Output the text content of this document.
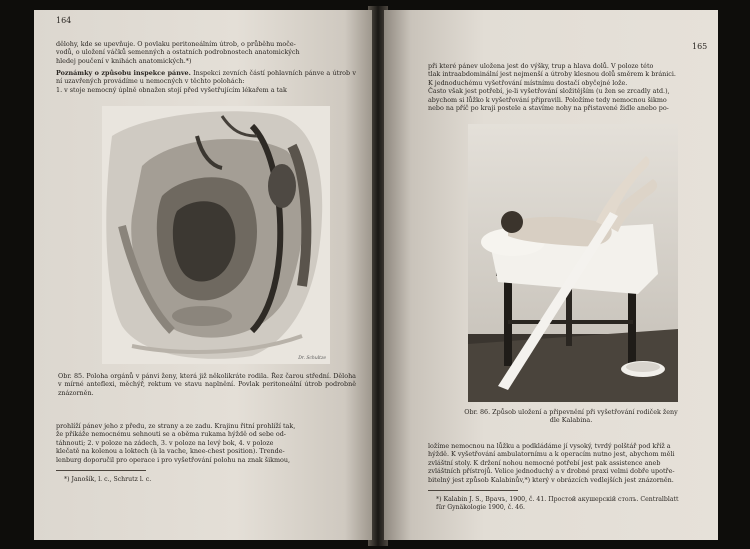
164

dělohy, kde se upevňuje. O povlaku peritoneálním útrob, o průběhu moče-

vodů, o uložení váčků semenných a ostatních podrobnostech anatomických

hledej poučení v knihách anatomických.*)

Poznámky o způsobu inspekce pánve. Inspekci zevních částí pohlavních pánve a útrob v ní uzavřených provádíme u nemocných v těchto polohách:

1. v stoje nemocný úplně obnažen stojí před vyšetřujícím lékařem a tak

Dr. Schultze
Obr. 85. Poloha orgánů v pánvi ženy, která již několikráte rodila. Řez čarou střední. Děloha v mírné anteflexi, měchýř, rektum ve stavu naplnění. Povlak peritoneální útrob podrobně znázorněn.

prohlíží pánev jeho z předu, ze strany a ze zadu. Krajinu řitní prohlíží tak,

že přikáže nemocnému sehnouti se a oběma rukama hýždě od sebe od-

táhnouti; 2. v poloze na zádech, 3. v poloze na levý bok, 4. v poloze

klečatě na kolenou a loktech (à la vache, knee-chest position). Trende-

lenburg doporučil pro operace i pro vyšetřování polohu na znak šikmou,

*) Janošík, l. c., Schrutz l. c.
165

při které pánev uložena jest do výšky, trup a hlava dolů. V poloze této

tlak intraabdominální jest nejmenší a útroby klesnou dolů směrem k bránici.

K jednoduchému vyšetřování místnímu dostačí obyčejné lože.

Často však jest potřebí, je-li vyšetřování složitějším (u žen se zrcadly atd.),

abychom si lůžko k vyšetřování připravili. Položíme tedy nemocnou šikmo

nebo na příč po kraji postele a stavíme nohy na přistavené židle anebo po-

Obr. 86. Způsob uložení a připevnění při vyšetřování rodiček ženy
dle Kalabina.

ložíme nemocnou na lůžku a podkládáme jí vysoký, tvrdý polštář pod kříž a

hýždě. K vyšetřování ambulatornímu a k operacím nutno jest, abychom měli

zvláštní stoly. K držení nohou nemocné potřebí jest pak assistence aneb

zvláštních přístrojů. Velice jednoduchý a v drobné praxi velmi dobře upotře-

bitelný jest způsob Kalabinův,*) který v obrázcích vedlejších jest znázorněn.

*) Kalabin J. S., Врачъ, 1900, č. 41. Простой акушерскій столъ. Centralblatt
für Gynäkologie 1900, č. 46.
